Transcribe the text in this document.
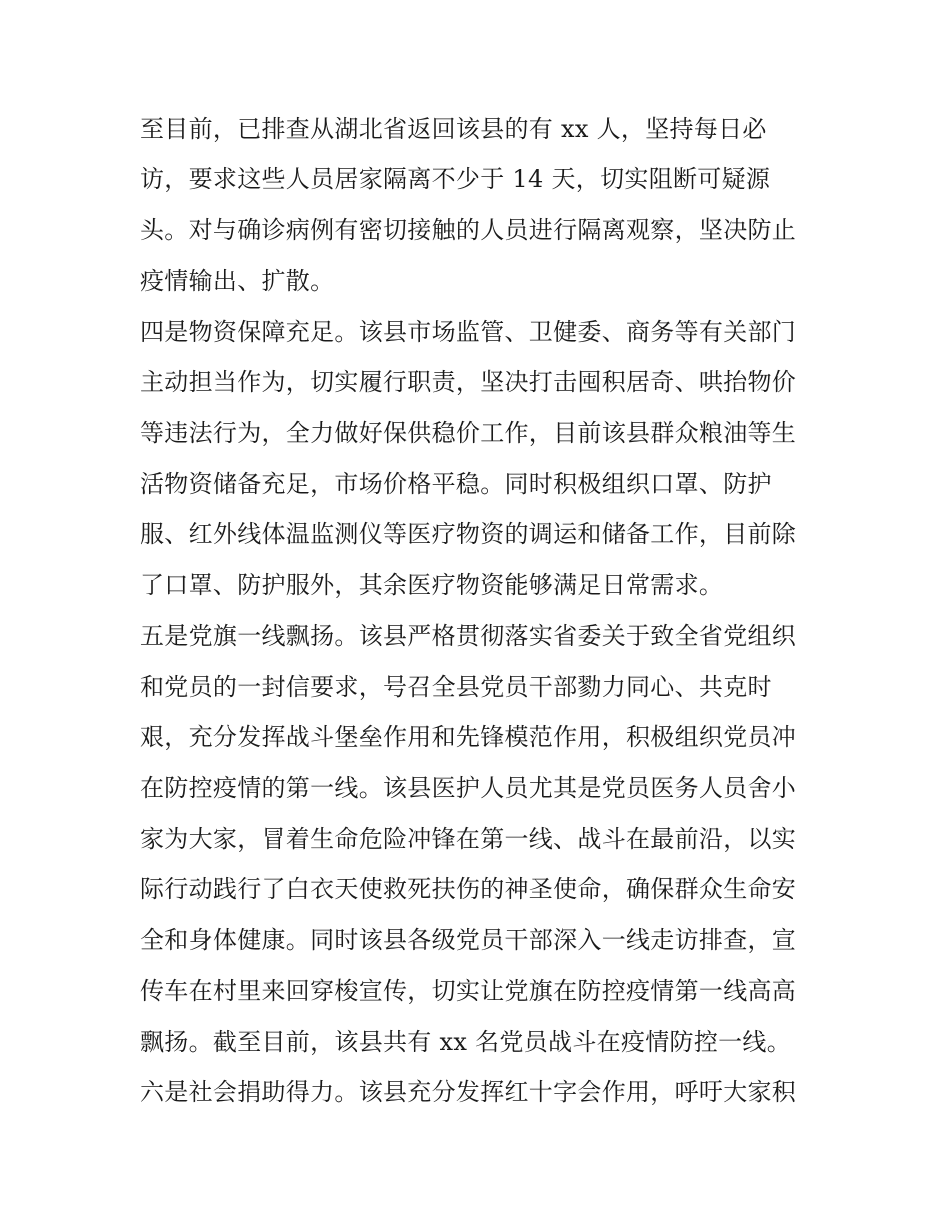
至目前，已排查从湖北省返回该县的有 xx 人，坚持每日必
访，要求这些人员居家隔离不少于 14 天，切实阻断可疑源
头。对与确诊病例有密切接触的人员进行隔离观察，坚决防止
疫情输出、扩散。
四是物资保障充足。该县市场监管、卫健委、商务等有关部门
主动担当作为，切实履行职责，坚决打击囤积居奇、哄抬物价
等违法行为，全力做好保供稳价工作，目前该县群众粮油等生
活物资储备充足，市场价格平稳。同时积极组织口罩、防护
服、红外线体温监测仪等医疗物资的调运和储备工作，目前除
了口罩、防护服外，其余医疗物资能够满足日常需求。
五是党旗一线飘扬。该县严格贯彻落实省委关于致全省党组织
和党员的一封信要求，号召全县党员干部勠力同心、共克时
艰，充分发挥战斗堡垒作用和先锋模范作用，积极组织党员冲
在防控疫情的第一线。该县医护人员尤其是党员医务人员舍小
家为大家，冒着生命危险冲锋在第一线、战斗在最前沿，以实
际行动践行了白衣天使救死扶伤的神圣使命，确保群众生命安
全和身体健康。同时该县各级党员干部深入一线走访排查，宣
传车在村里来回穿梭宣传，切实让党旗在防控疫情第一线高高
飘扬。截至目前，该县共有 xx 名党员战斗在疫情防控一线。
六是社会捐助得力。该县充分发挥红十字会作用，呼吁大家积
